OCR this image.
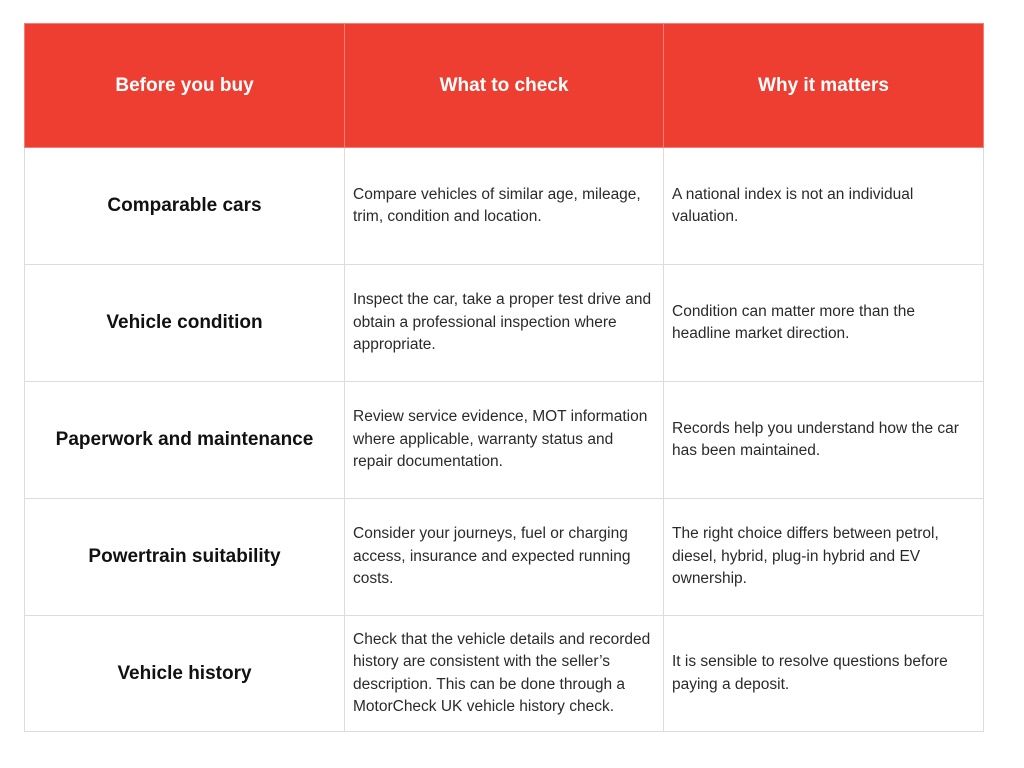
Before you buy	What to check	Why it matters
Comparable cars	Compare vehicles of similar age, mileage, trim, condition and location.	A national index is not an individual valuation.
Vehicle condition	Inspect the car, take a proper test drive and obtain a professional inspection where appropriate.	Condition can matter more than the headline market direction.
Paperwork and maintenance	Review service evidence, MOT information where applicable, warranty status and repair documentation.	Records help you understand how the car has been maintained.
Powertrain suitability	Consider your journeys, fuel or charging access, insurance and expected running costs.	The right choice differs between petrol, diesel, hybrid, plug-in hybrid and EV ownership.
Vehicle history	Check that the vehicle details and recorded history are consistent with the seller’s description. This can be done through a MotorCheck UK vehicle history check.	It is sensible to resolve questions before paying a deposit.
